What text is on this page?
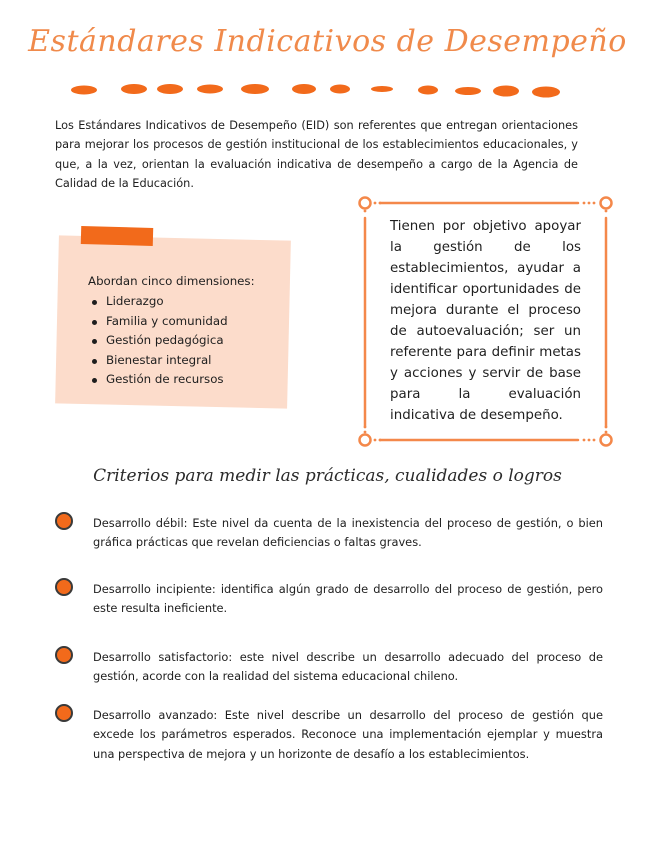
Estándares Indicativos de Desempeño
Los Estándares Indicativos de Desempeño (EID) son referentes que entregan orientaciones para mejorar los procesos de gestión institucional de los establecimientos educacionales, y que, a la vez, orientan la evaluación indicativa de desempeño a cargo de la Agencia de Calidad de la Educación.
Abordan cinco dimensiones:
Liderazgo
Familia y comunidad
Gestión pedagógica
Bienestar integral
Gestión de recursos
Tienen por objetivo apoyar la gestión de los establecimientos, ayudar a identificar oportunidades de mejora durante el proceso de autoevaluación; ser un referente para definir metas y acciones y servir de base para la evaluación indicativa de desempeño.
Criterios para medir las prácticas, cualidades o logros
Desarrollo débil: Este nivel da cuenta de la inexistencia del proceso de gestión, o bien gráfica prácticas que revelan deficiencias o faltas graves.
Desarrollo incipiente: identifica algún grado de desarrollo del proceso de gestión, pero este resulta ineficiente.
Desarrollo satisfactorio: este nivel describe un desarrollo adecuado del proceso de gestión, acorde con la realidad del sistema educacional chileno.
Desarrollo avanzado: Este nivel describe un desarrollo del proceso de gestión que excede los parámetros esperados. Reconoce una implementación ejemplar y muestra una perspectiva de mejora y un horizonte de desafío a los establecimientos.
